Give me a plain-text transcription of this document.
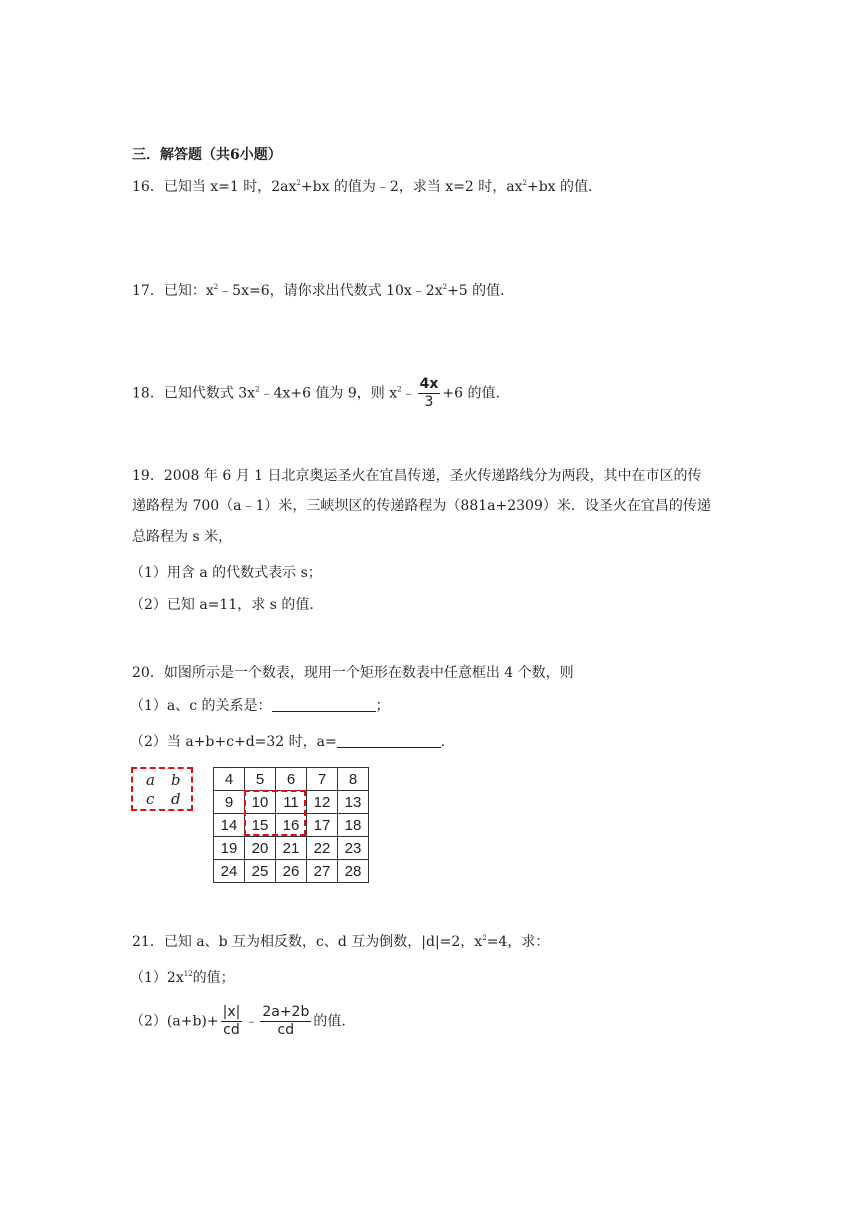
三．解答题（共6小题）
16．已知当 x=1 时，$2ax^2+bx$ 的值为﹣2，求当 x=2 时，$ax^2+bx$ 的值.
17．已知：$x^2﹣5x=6$，请你求出代数式 $10x﹣2x^2+5$ 的值.
18．已知代数式 $3x^2﹣4x+6$ 值为 9，则 $x^2﹣ \frac{4x}{3} +6$ 的值.
19．2008 年 6 月 1 日北京奥运圣火在宜昌传递，圣火传递路线分为两段，其中在市区的传
递路程为 700（a﹣1）米，三峡坝区的传递路程为（881a+2309）米．设圣火在宜昌的传递
总路程为 s 米，
（1）用含 a 的代数式表示 s；
（2）已知 a=11，求 s 的值.
20．如图所示是一个数表，现用一个矩形在数表中任意框出 4 个数，则
（1）a、c 的关系是：	；
（2）当 a+b+c+d=32 时，a=	.
a b
c d
4	5	6	7	8
9	10	11	12	13
14	15	16	17	18
19	20	21	22	23
24	25	26	27	28
21．已知 a、b 互为相反数，c、d 互为倒数，|d|=2，$x^2=4$，求：
$(1)2x^{12}$的值；
$(2)(a+b)+ \frac{|x|}{cd}$ ﹣ $\frac{2a+2b}{cd}$ 的值.
